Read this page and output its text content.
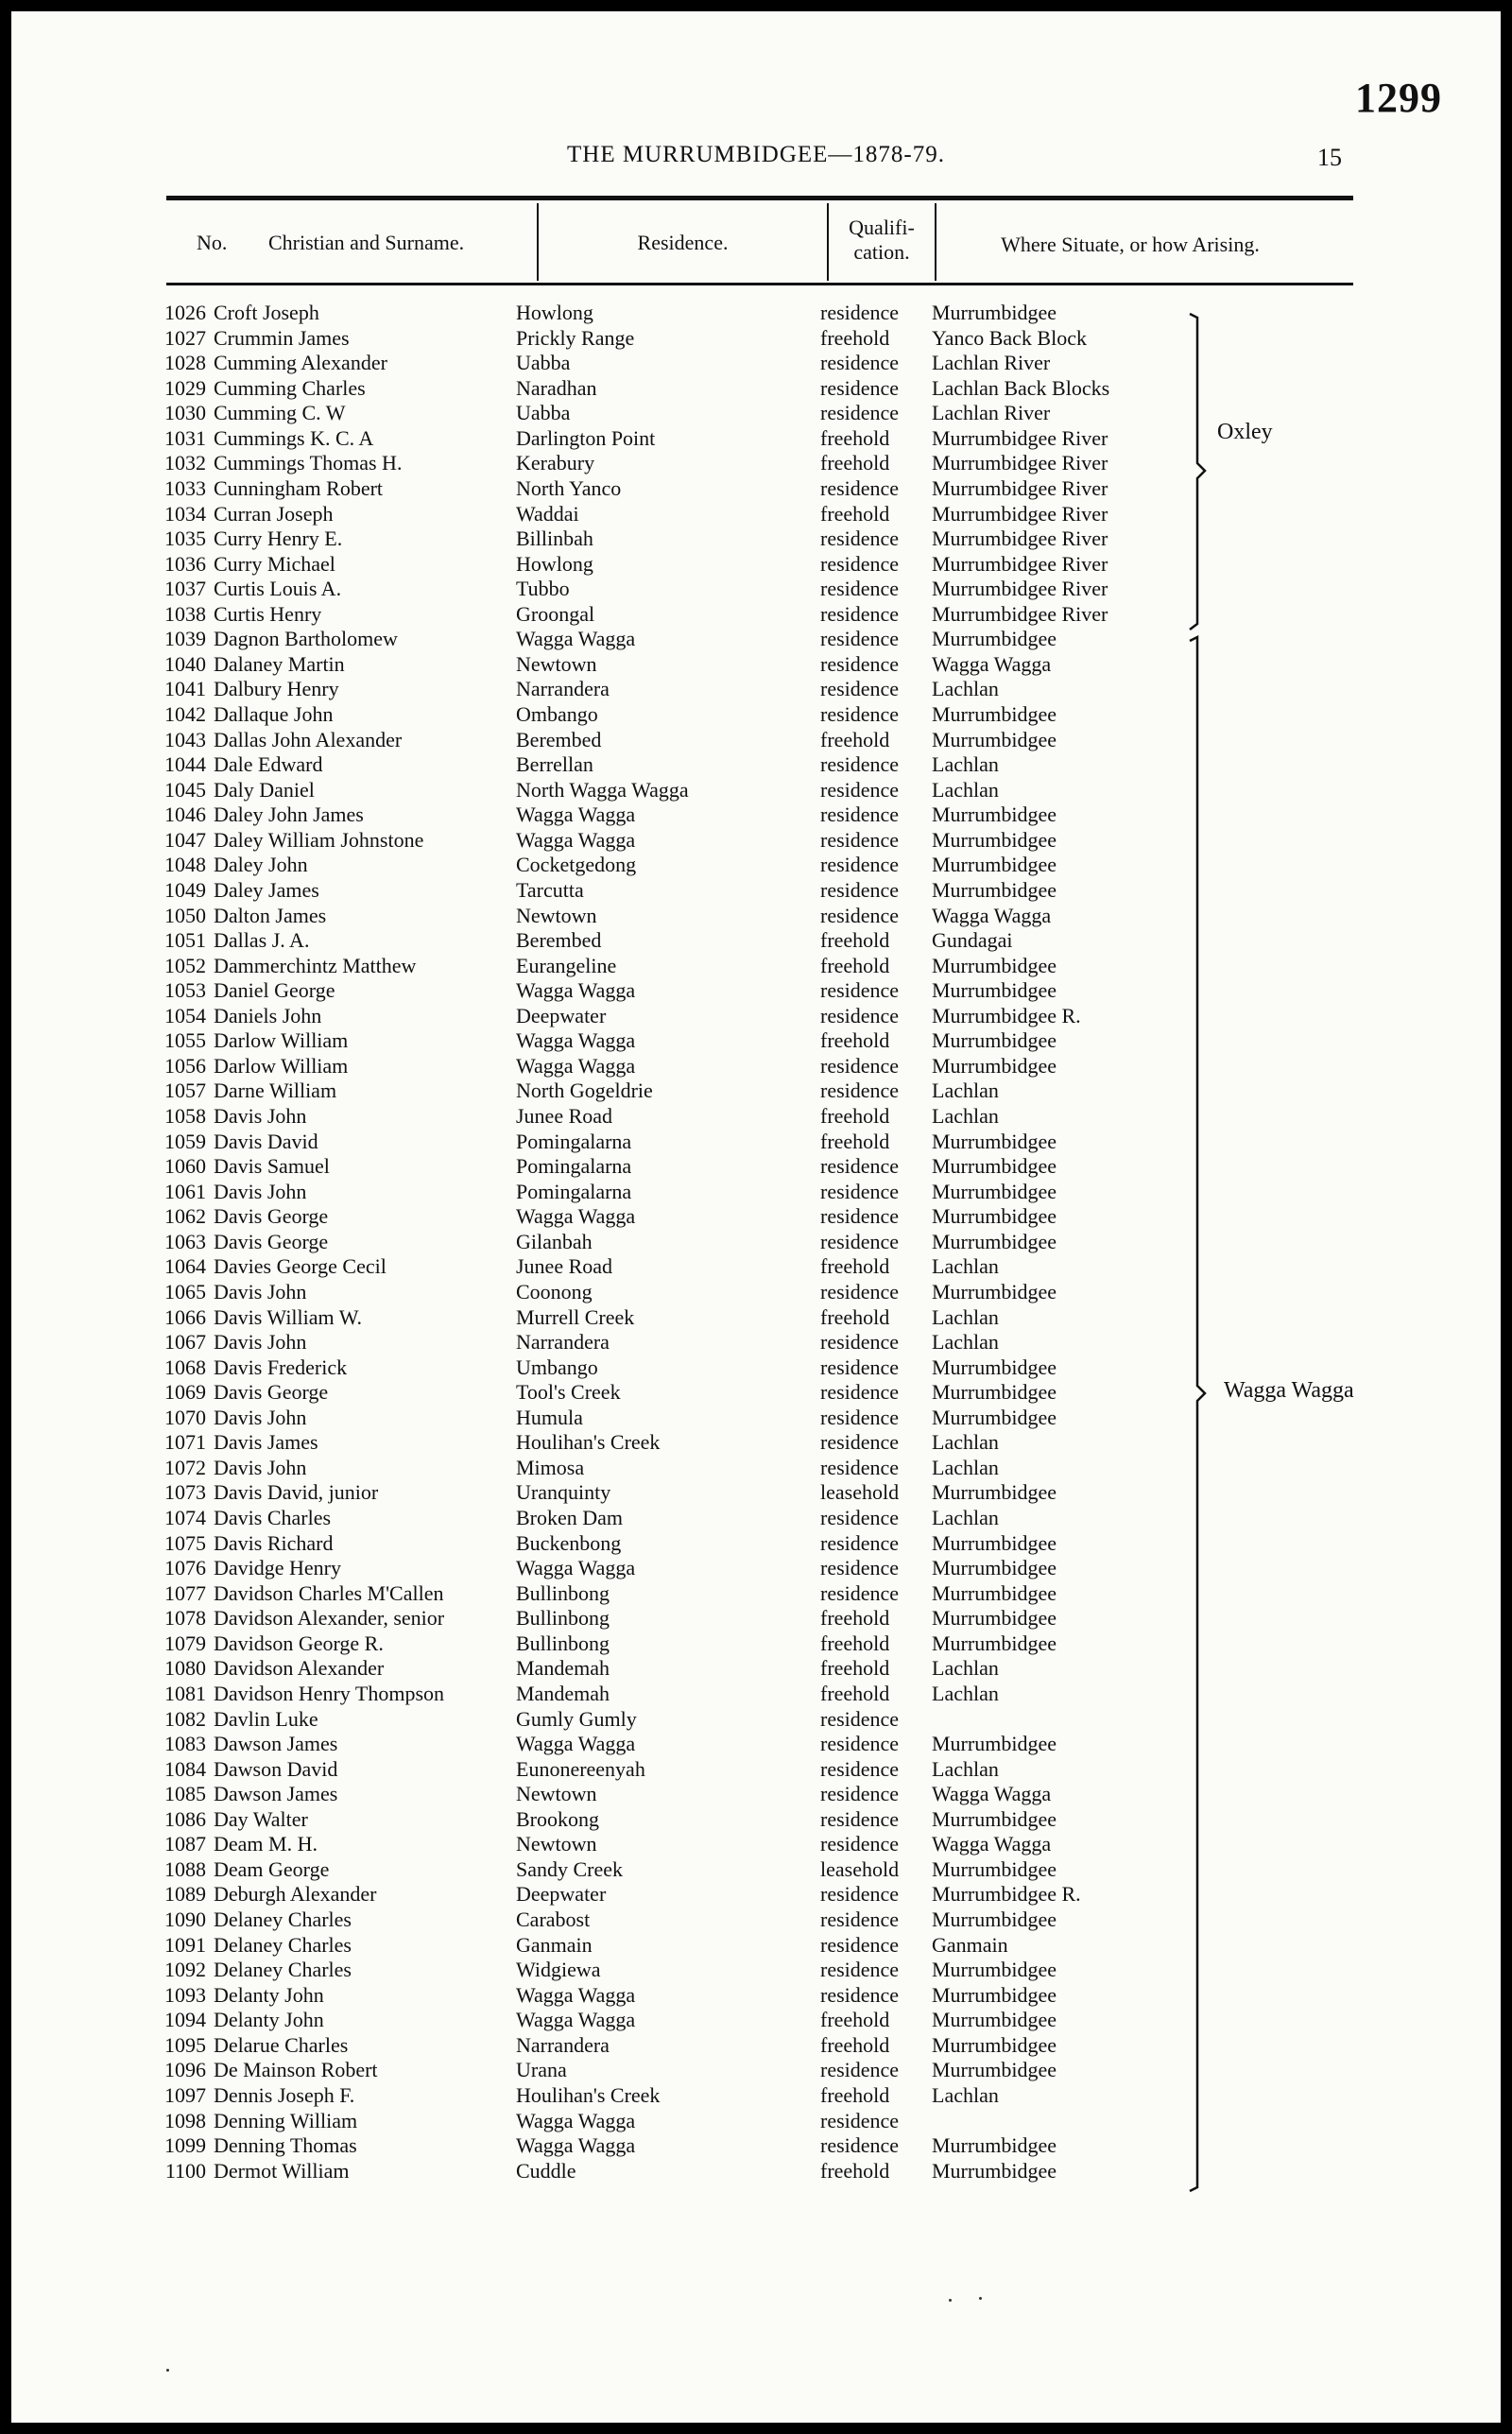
1299
THE MURRUMBIDGEE—1878-79.	15
No. Christian and Surname.	Residence.
Qualifi-
cation.	Where Situate, or how Arising.
1026 Croft Joseph	Howlong	residence Murrumbidgee
1027 Crummin James	Prickly Range	freehold Yanco Back Block
1028 Cumming Alexander	Uabba	residence Lachlan River
1029 Cumming Charles	Naradhan	residence Lachlan Back Blocks
1030 Cumming C. W	Uabba	residence Lachlan River
1031 Cummings K. C. A	Darlington Point	freehold Murrumbidgee River
1032 Cummings Thomas H.	Kerabury	freehold Murrumbidgee River
1033 Cunningham Robert	North Yanco	residence Murrumbidgee River
1034 Curran Joseph	Waddai	freehold Murrumbidgee River
1035 Curry Henry E.	Billinbah	residence Murrumbidgee River
1036 Curry Michael	Howlong	residence Murrumbidgee River
1037 Curtis Louis A.	Tubbo	residence Murrumbidgee River
1038 Curtis Henry	Groongal	residence Murrumbidgee River
1039 Dagnon Bartholomew	Wagga Wagga	residence Murrumbidgee
1040 Dalaney Martin	Newtown	residence Wagga Wagga
1041 Dalbury Henry	Narrandera	residence Lachlan
1042 Dallaque John	Ombango	residence Murrumbidgee
1043 Dallas John Alexander	Berembed	freehold Murrumbidgee
1044 Dale Edward	Berrellan	residence Lachlan
1045 Daly Daniel	North Wagga Wagga	residence Lachlan
1046 Daley John James	Wagga Wagga	residence Murrumbidgee
1047 Daley William Johnstone	Wagga Wagga	residence Murrumbidgee
1048 Daley John	Cocketgedong	residence Murrumbidgee
1049 Daley James	Tarcutta	residence Murrumbidgee
1050 Dalton James	Newtown	residence Wagga Wagga
1051 Dallas J. A.	Berembed	freehold Gundagai
1052 Dammerchintz Matthew	Eurangeline	freehold Murrumbidgee
1053 Daniel George	Wagga Wagga	residence Murrumbidgee
1054 Daniels John	Deepwater	residence Murrumbidgee R.
1055 Darlow William	Wagga Wagga	freehold Murrumbidgee
1056 Darlow William	Wagga Wagga	residence Murrumbidgee
1057 Darne William	North Gogeldrie	residence Lachlan
1058 Davis John	Junee Road	freehold Lachlan
1059 Davis David	Pomingalarna	freehold Murrumbidgee
1060 Davis Samuel	Pomingalarna	residence Murrumbidgee
1061 Davis John	Pomingalarna	residence Murrumbidgee
1062 Davis George	Wagga Wagga	residence Murrumbidgee
1063 Davis George	Gilanbah	residence Murrumbidgee
1064 Davies George Cecil	Junee Road	freehold Lachlan
1065 Davis John	Coonong	residence Murrumbidgee
1066 Davis William W.	Murrell Creek	freehold Lachlan
1067 Davis John	Narrandera	residence Lachlan
1068 Davis Frederick	Umbango	residence Murrumbidgee
1069 Davis George	Tool's Creek	residence Murrumbidgee
1070 Davis John	Humula	residence Murrumbidgee
1071 Davis James	Houlihan's Creek	residence Lachlan
1072 Davis John	Mimosa	residence Lachlan
1073 Davis David, junior	Uranquinty	leasehold Murrumbidgee
1074 Davis Charles	Broken Dam	residence Lachlan
1075 Davis Richard	Buckenbong	residence Murrumbidgee
1076 Davidge Henry	Wagga Wagga	residence Murrumbidgee
1077 Davidson Charles M'Callen	Bullinbong	residence Murrumbidgee
1078 Davidson Alexander, senior	Bullinbong	freehold Murrumbidgee
1079 Davidson George R.	Bullinbong	freehold Murrumbidgee
1080 Davidson Alexander	Mandemah	freehold Lachlan
1081 Davidson Henry Thompson	Mandemah	freehold Lachlan
1082 Davlin Luke	Gumly Gumly	residence
1083 Dawson James	Wagga Wagga	residence Murrumbidgee
1084 Dawson David	Eunonereenyah	residence Lachlan
1085 Dawson James	Newtown	residence Wagga Wagga
1086 Day Walter	Brookong	residence Murrumbidgee
1087 Deam M. H.	Newtown	residence Wagga Wagga
1088 Deam George	Sandy Creek	leasehold Murrumbidgee
1089 Deburgh Alexander	Deepwater	residence Murrumbidgee R.
1090 Delaney Charles	Carabost	residence Murrumbidgee
1091 Delaney Charles	Ganmain	residence Ganmain
1092 Delaney Charles	Widgiewa	residence Murrumbidgee
1093 Delanty John	Wagga Wagga	residence Murrumbidgee
1094 Delanty John	Wagga Wagga	freehold Murrumbidgee
1095 Delarue Charles	Narrandera	freehold Murrumbidgee
1096 De Mainson Robert	Urana	residence Murrumbidgee
1097 Dennis Joseph F.	Houlihan's Creek	freehold Lachlan
1098 Denning William	Wagga Wagga	residence
1099 Denning Thomas	Wagga Wagga	residence Murrumbidgee
1100 Dermot William	Cuddle	freehold Murrumbidgee
Oxley
Wagga Wagga
